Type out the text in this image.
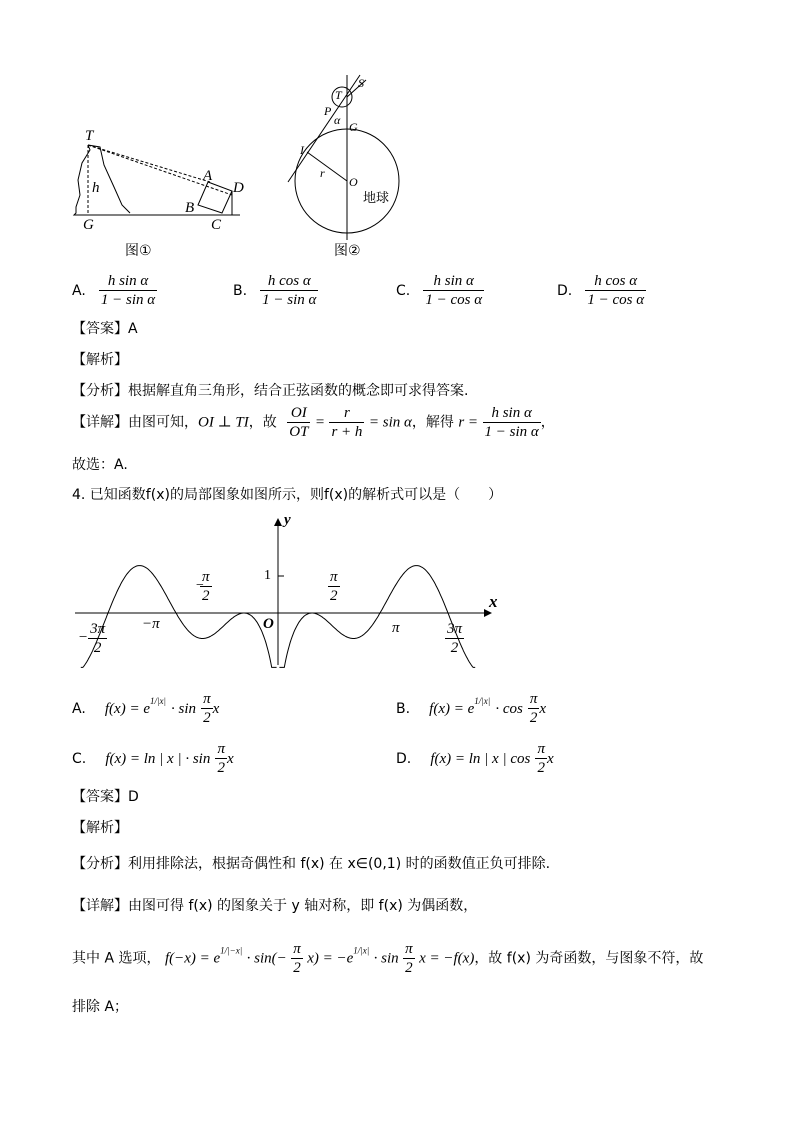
T
h
A
D
B
G	C
图①
T
S
P
α G
I
r
O
地球
图②
A. $\frac{\text{h sin α}}{\text{1 − sin α}}$	B. $\frac{\text{h cos α}}{\text{1 − sin α}}$	C. $\frac{\text{h sin α}}{\text{1 − cos α}}$	D. $\frac{\text{h cos α}}{\text{1 − cos α}}$
【答案】A
【解析】
【分析】根据解直角三角形，结合正弦函数的概念即可求得答案.
【详解】由图可知，OI ⊥ TI，故 $\frac{OI}{OT} = \frac{r}{r + h} = \sin \alpha$，解得 $r = \frac{\text{h sin α}}{\text{1 − sin α}}$ ，
故选：A.
4. 已知函数f(x)的局部图象如图所示，则f(x)的解析式可以是（　　）
y
x
O
1
−
$\frac{\pi}{2}$	$\frac{\pi}{2}$
−π	π
− $\frac{3\pi}{2}$	$\frac{3\pi}{2}$
A. $f(x) = e^{1/|x|} \cdot \sin \frac{\pi}{2}$ x	B. $f(x) = e^{1/|x|} \cdot \cos \frac{\pi}{2}$ x
C. f(x) = ln | x | · $\sin \frac{\pi}{2}$ x	D. f(x) = ln | x | $\cos \frac{\pi}{2}$ x
【答案】D
【解析】
【分析】利用排除法，根据奇偶性和 f(x) 在 x∈(0,1) 时的函数值正负可排除.
【详解】由图可得 f(x) 的图象关于 y 轴对称，即 f(x) 为偶函数，
其中 A 选项， $f(-x) = e^{1/|-x|} \cdot \sin(- \frac{\pi}{2} x) = -e^{1/|x|} \cdot \sin \frac{\pi}{2}$ x = −f(x)，故 f(x) 为奇函数，与图象不符，故
排除 A；
